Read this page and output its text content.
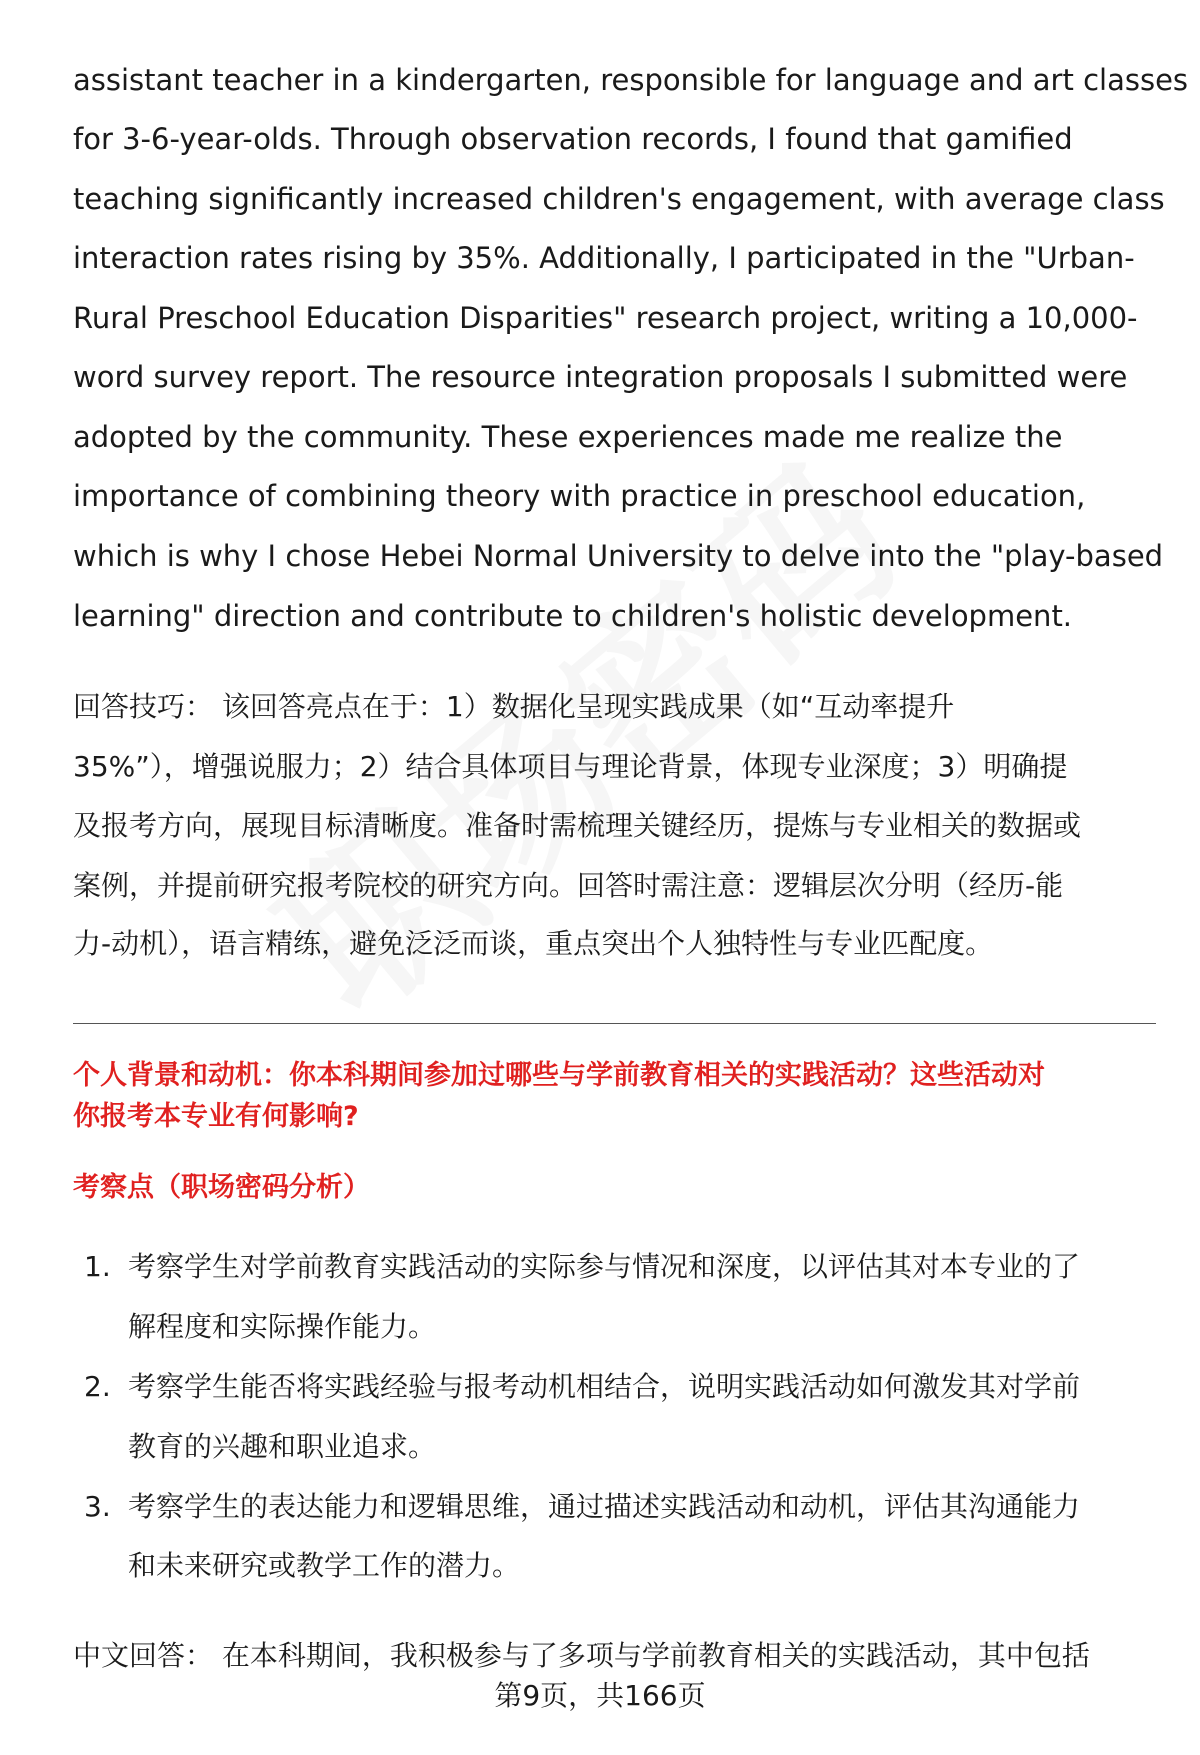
assistant teacher in a kindergarten, responsible for language and art classes
for 3-6-year-olds. Through observation records, I found that gamified
teaching significantly increased children's engagement, with average class
interaction rates rising by 35%. Additionally, I participated in the "Urban-
Rural Preschool Education Disparities" research project, writing a 10,000-
word survey report. The resource integration proposals I submitted were
adopted by the community. These experiences made me realize the
importance of combining theory with practice in preschool education,
which is why I chose Hebei Normal University to delve into the "play-based
learning" direction and contribute to children's holistic development.
回答技巧： 该回答亮点在于：1）数据化呈现实践成果（如“互动率提升
35%”），增强说服力；2）结合具体项目与理论背景，体现专业深度；3）明确提
及报考方向，展现目标清晰度。准备时需梳理关键经历，提炼与专业相关的数据或
案例，并提前研究报考院校的研究方向。回答时需注意：逻辑层次分明（经历-能
力-动机），语言精练，避免泛泛而谈，重点突出个人独特性与专业匹配度。
个人背景和动机：你本科期间参加过哪些与学前教育相关的实践活动？这些活动对
你报考本专业有何影响?
考察点（职场密码分析）
1. 考察学生对学前教育实践活动的实际参与情况和深度，以评估其对本专业的了
解程度和实际操作能力。
2. 考察学生能否将实践经验与报考动机相结合，说明实践活动如何激发其对学前
教育的兴趣和职业追求。
3. 考察学生的表达能力和逻辑思维，通过描述实践活动和动机，评估其沟通能力
和未来研究或教学工作的潜力。
中文回答： 在本科期间，我积极参与了多项与学前教育相关的实践活动，其中包括
第9页，共166页
